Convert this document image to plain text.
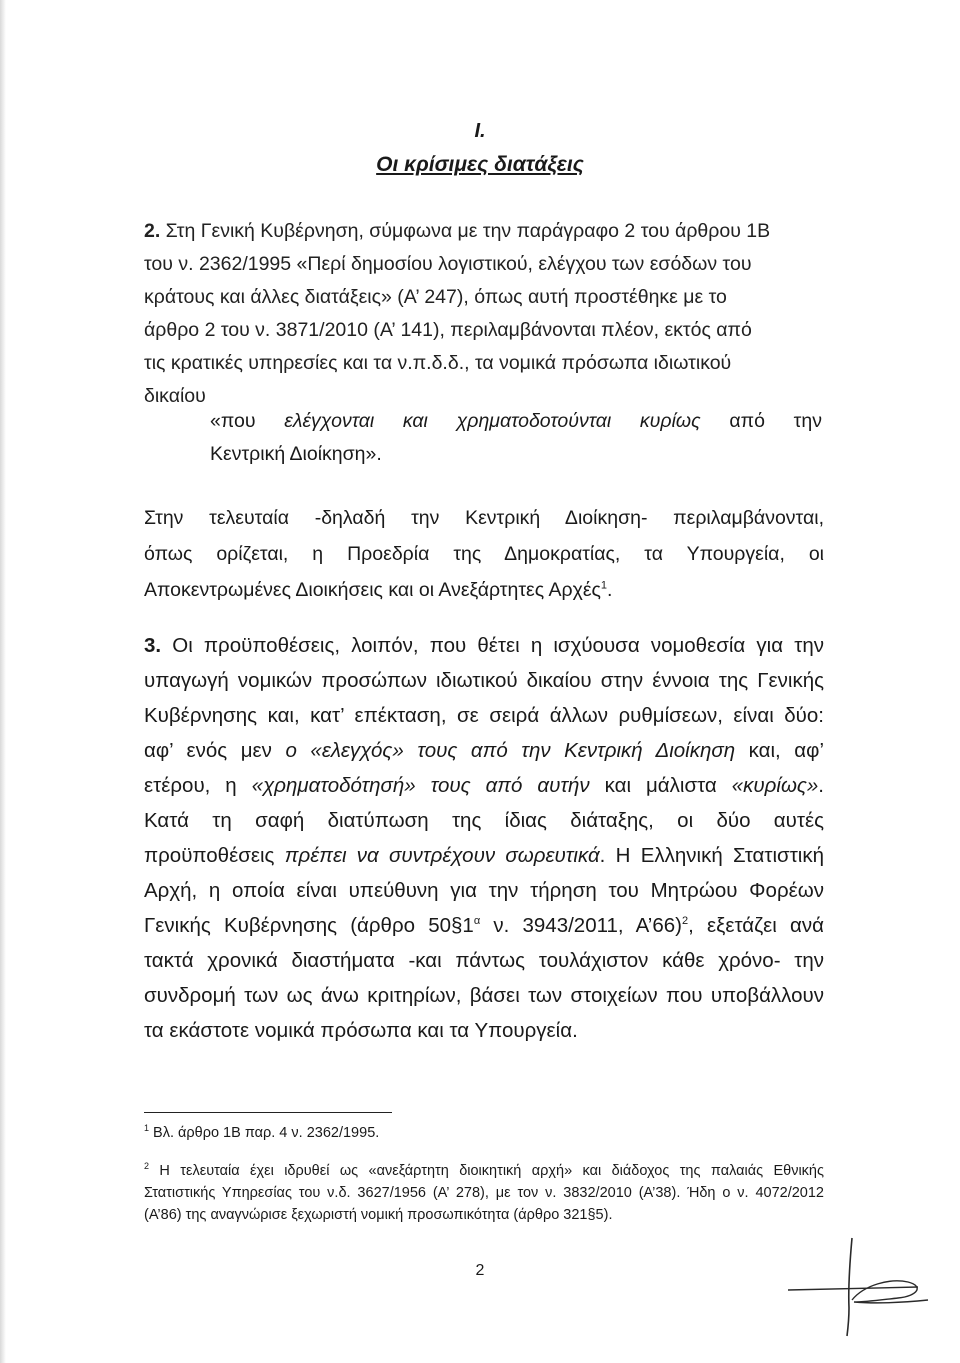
I.
Οι κρίσιμες διατάξεις
2. Στη Γενική Κυβέρνηση, σύμφωνα με την παράγραφο 2 του άρθρου 1Β
του ν. 2362/1995 «Περί δημοσίου λογιστικού, ελέγχου των εσόδων του
κράτους και άλλες διατάξεις» (Α’ 247), όπως αυτή προστέθηκε με το
άρθρο 2 του ν. 3871/2010 (Α’ 141), περιλαμβάνονται πλέον, εκτός από
τις κρατικές υπηρεσίες και τα ν.π.δ.δ., τα νομικά πρόσωπα ιδιωτικού
δικαίου
«που ελέγχονται και χρηματοδοτούνται κυρίως από την
Κεντρική Διοίκηση».
Στην τελευταία -δηλαδή την Κεντρική Διοίκηση- περιλαμβάνονται,
όπως ορίζεται, η Προεδρία της Δημοκρατίας, τα Υπουργεία, οι
Αποκεντρωμένες Διοικήσεις και οι Ανεξάρτητες Αρχές$^1$.
3. Οι προϋποθέσεις, λοιπόν, που θέτει η ισχύουσα νομοθεσία για την
υπαγωγή νομικών προσώπων ιδιωτικού δικαίου στην έννοια της Γενικής
Κυβέρνησης και, κατ’ επέκταση, σε σειρά άλλων ρυθμίσεων, είναι δύο:
αφ’ ενός μεν ο «ελεγχός» τους από την Κεντρική Διοίκηση και, αφ’
ετέρου, η «χρηματοδότησή» τους από αυτήν και μάλιστα «κυρίως».
Κατά τη σαφή διατύπωση της ίδιας διάταξης, οι δύο αυτές
προϋποθέσεις πρέπει να συντρέχουν σωρευτικά. Η Ελληνική Στατιστική
Αρχή, η οποία είναι υπεύθυνη για την τήρηση του Μητρώου Φορέων
Γενικής Κυβέρνησης (άρθρο $50\S 1^\alpha$ ν. 3943/2011, Α’66)$^2$, εξετάζει ανά
τακτά χρονικά διαστήματα -και πάντως τουλάχιστον κάθε χρόνο- την
συνδρομή των ως άνω κριτηρίων, βάσει των στοιχείων που υποβάλλουν
τα εκάστοτε νομικά πρόσωπα και τα Υπουργεία.
$^1$ Βλ. άρθρο 1Β παρ. 4 ν. 2362/1995.
$^2$ Η τελευταία έχει ιδρυθεί ως «ανεξάρτητη διοικητική αρχή» και διάδοχος της παλαιάς Εθνικής
Στατιστικής Υπηρεσίας του ν.δ. 3627/1956 (Α’ 278), με τον ν. 3832/2010 (Α’38). Ήδη ο ν. 4072/2012
(Α’86) της αναγνώρισε ξεχωριστή νομική προσωπικότητα (άρθρο 321§5).
2
